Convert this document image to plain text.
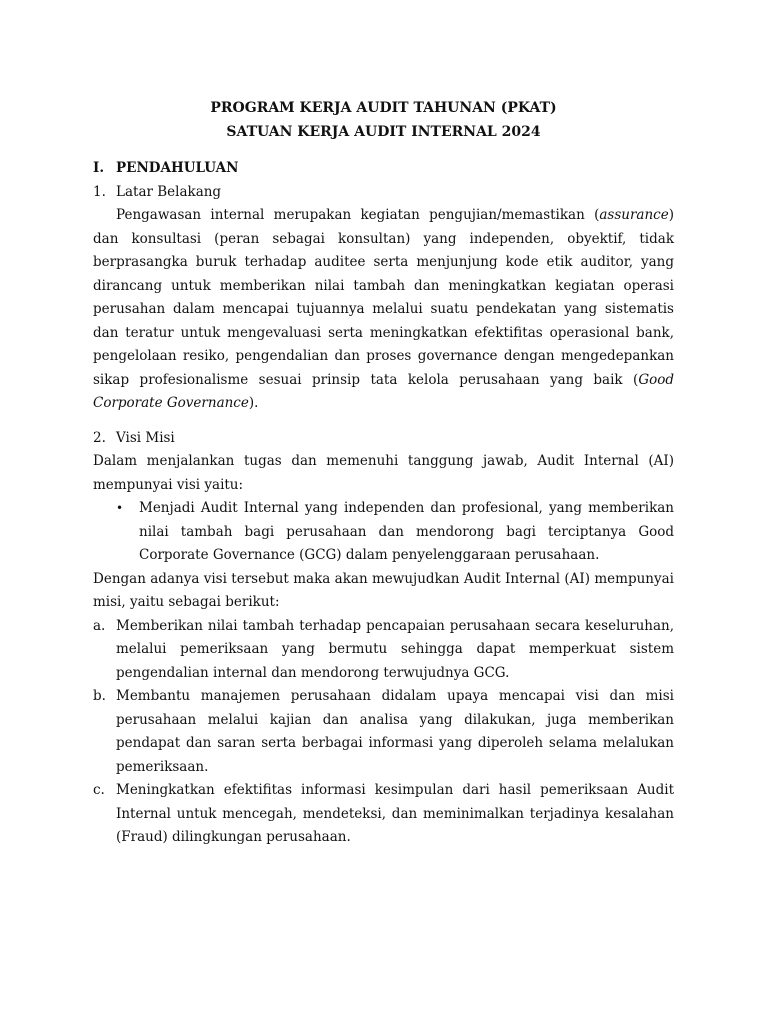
PROGRAM KERJA AUDIT TAHUNAN (PKAT)
SATUAN KERJA AUDIT INTERNAL 2024
I. PENDAHULUAN
1. Latar Belakang
Pengawasan internal merupakan kegiatan pengujian/memastikan (assurance) dan konsultasi (peran sebagai konsultan) yang independen, obyektif, tidak berprasangka buruk terhadap auditee serta menjunjung kode etik auditor, yang dirancang untuk memberikan nilai tambah dan meningkatkan kegiatan operasi perusahan dalam mencapai tujuannya melalui suatu pendekatan yang sistematis dan teratur untuk mengevaluasi serta meningkatkan efektifitas operasional bank, pengelolaan resiko, pengendalian dan proses governance dengan mengedepankan sikap profesionalisme sesuai prinsip tata kelola perusahaan yang baik (Good Corporate Governance).
2. Visi Misi
Dalam menjalankan tugas dan memenuhi tanggung jawab, Audit Internal (AI) mempunyai visi yaitu:
•	Menjadi Audit Internal yang independen dan profesional, yang memberikan nilai tambah bagi perusahaan dan mendorong bagi terciptanya Good Corporate Governance (GCG) dalam penyelenggaraan perusahaan.
Dengan adanya visi tersebut maka akan mewujudkan Audit Internal (AI) mempunyai misi, yaitu sebagai berikut:
a. Memberikan nilai tambah terhadap pencapaian perusahaan secara keseluruhan, melalui pemeriksaan yang bermutu sehingga dapat memperkuat sistem pengendalian internal dan mendorong terwujudnya GCG.
b. Membantu manajemen perusahaan didalam upaya mencapai visi dan misi perusahaan melalui kajian dan analisa yang dilakukan, juga memberikan pendapat dan saran serta berbagai informasi yang diperoleh selama melalukan pemeriksaan.
c. Meningkatkan efektifitas informasi kesimpulan dari hasil pemeriksaan Audit Internal untuk mencegah, mendeteksi, dan meminimalkan terjadinya kesalahan (Fraud) dilingkungan perusahaan.
